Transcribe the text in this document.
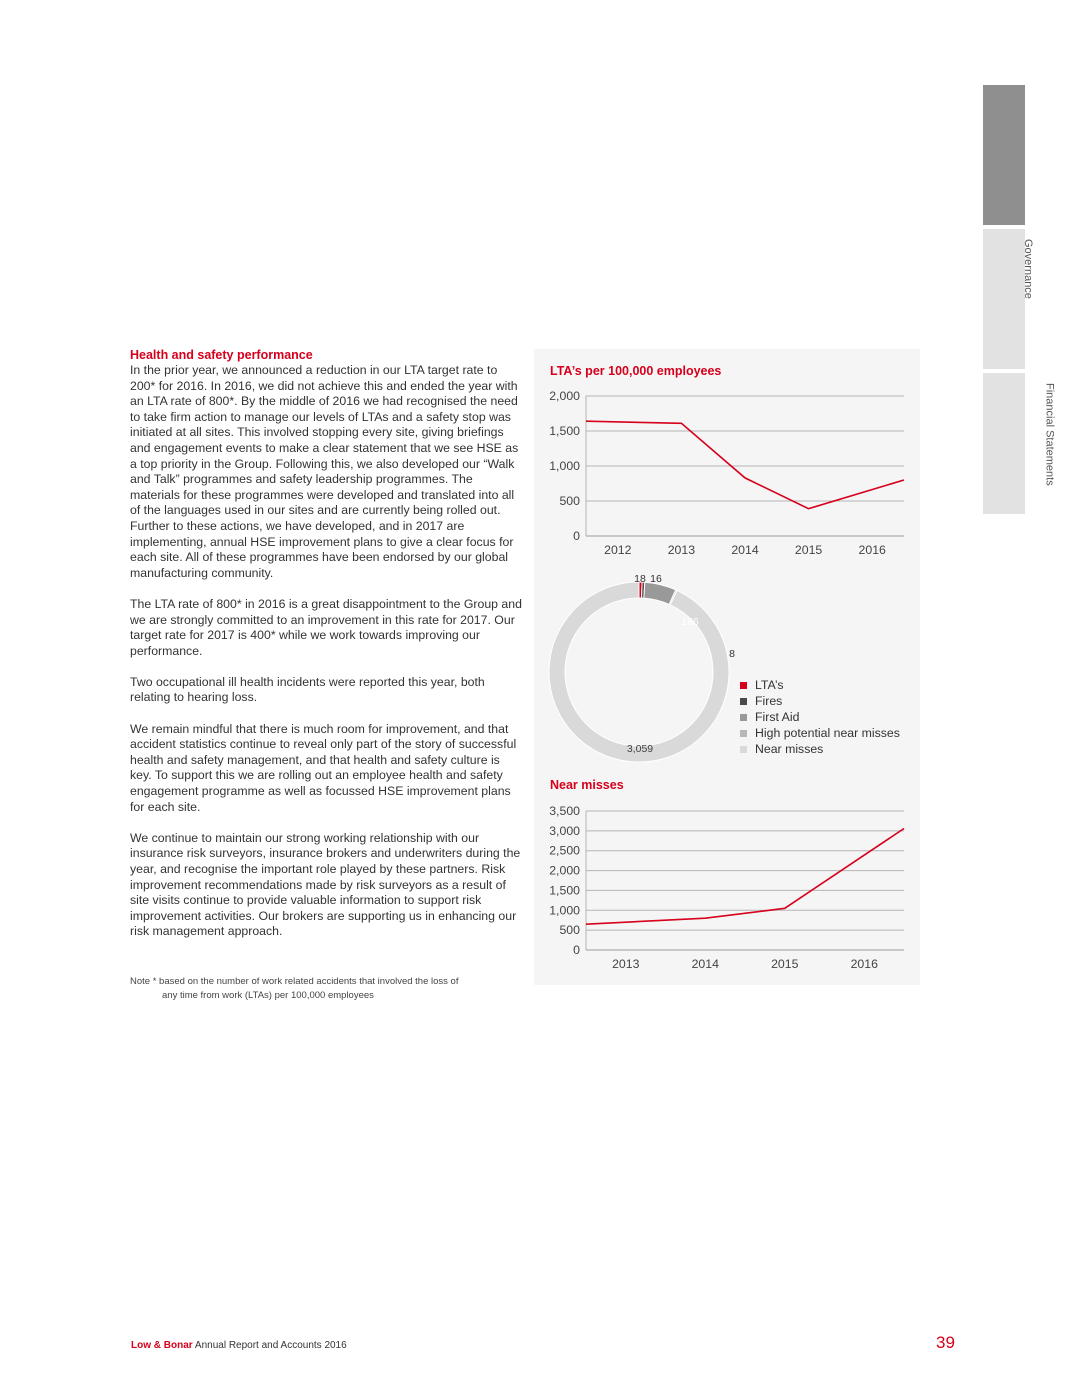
Strategic Report
Governance
Financial Statements
Health and safety performance

In the prior year, we announced a reduction in our LTA target rate to 200* for 2016. In 2016, we did not achieve this and ended the year with an LTA rate of 800*. By the middle of 2016 we had recognised the need to take firm action to manage our levels of LTAs and a safety stop was initiated at all sites. This involved stopping every site, giving briefings and engagement events to make a clear statement that we see HSE as a top priority in the Group. Following this, we also developed our “Walk and Talk” programmes and safety leadership programmes. The materials for these programmes were developed and translated into all of the languages used in our sites and are currently being rolled out. Further to these actions, we have developed, and in 2017 are implementing, annual HSE improvement plans to give a clear focus for each site. All of these programmes have been endorsed by our global manufacturing community.

The LTA rate of 800* in 2016 is a great disappointment to the Group and we are strongly committed to an improvement in this rate for 2017. Our target rate for 2017 is 400* while we work towards improving our performance.

Two occupational ill health incidents were reported this year, both relating to hearing loss.

We remain mindful that there is much room for improvement, and that accident statistics continue to reveal only part of the story of successful health and safety management, and that health and safety culture is key. To support this we are rolling out an employee health and safety engagement programme as well as focussed HSE improvement plans for each site.

We continue to maintain our strong working relationship with our insurance risk surveyors, insurance brokers and underwriters during the year, and recognise the important role played by these partners. Risk improvement recommendations made by risk surveyors as a result of site visits continue to provide valuable information to support risk improvement activities. Our brokers are supporting us in enhancing our risk management approach.

Note * based on the number of work related accidents that involved the loss of
any time from work (LTAs) per 100,000 employees
LTA’s per 100,000 employees
Near misses
0
500
1,000
1,500
2,000
2012	2013	2014	2015	2016
0
500
1,000
1,500
2,000
2,500
3,000
3,500
2013	2014	2015	2016
18 16
186
8
3,059
LTA’s
Fires
First Aid
High potential near misses
Near misses
Low & Bonar Annual Report and Accounts 2016	39
